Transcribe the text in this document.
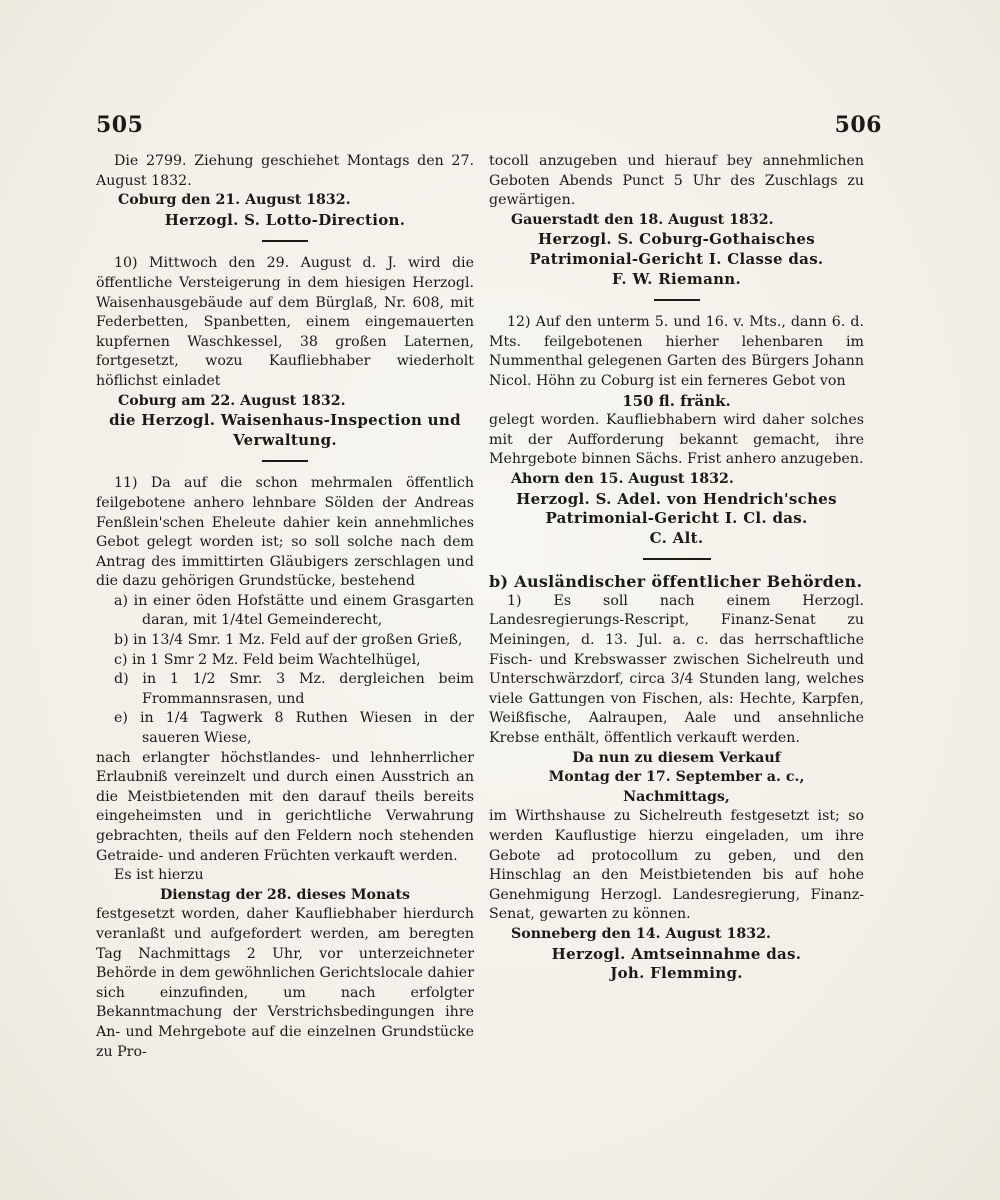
505	506

Die 2799. Ziehung geschiehet Montags den 27. August 1832.

Coburg den 21. August 1832.

Herzogl. S. Lotto-Direction.

10) Mittwoch den 29. August d. J. wird die öffentliche Versteigerung in dem hiesigen Herzogl. Waisenhausgebäude auf dem Bürglaß, Nr. 608, mit Federbetten, Spanbetten, einem eingemauerten kupfernen Waschkessel, 38 großen Laternen, fortgesetzt, wozu Kaufliebhaber wiederholt höflichst einladet

Coburg am 22. August 1832.

die Herzogl. Waisenhaus-Inspection und Verwaltung.

11) Da auf die schon mehrmalen öffentlich feilgebotene anhero lehnbare Sölden der Andreas Fenßlein'schen Eheleute dahier kein annehmliches Gebot gelegt worden ist; so soll solche nach dem Antrag des immittirten Gläubigers zerschlagen und die dazu gehörigen Grundstücke, bestehend

a) in einer öden Hofstätte und einem Grasgarten daran, mit 1/4tel Gemeinderecht,

b) in 13/4 Smr. 1 Mz. Feld auf der großen Grieß,

c) in 1 Smr 2 Mz. Feld beim Wachtelhügel,

d) in 1 1/2 Smr. 3 Mz. dergleichen beim Frommannsrasen, und

e) in 1/4 Tagwerk 8 Ruthen Wiesen in der saueren Wiese,

nach erlangter höchstlandes- und lehnherrlicher Erlaubniß vereinzelt und durch einen Ausstrich an die Meistbietenden mit den darauf theils bereits eingeheimsten und in gerichtliche Verwahrung gebrachten, theils auf den Feldern noch stehenden Getraide- und anderen Früchten verkauft werden.

Es ist hierzu

Dienstag der 28. dieses Monats

festgesetzt worden, daher Kaufliebhaber hierdurch veranlaßt und aufgefordert werden, am beregten Tag Nachmittags 2 Uhr, vor unterzeichneter Behörde in dem gewöhnlichen Gerichtslocale dahier sich einzufinden, um nach erfolgter Bekanntmachung der Verstrichsbedingungen ihre An- und Mehrgebote auf die einzelnen Grundstücke zu Pro-

tocoll anzugeben und hierauf bey annehmlichen Geboten Abends Punct 5 Uhr des Zuschlags zu gewärtigen.

Gauerstadt den 18. August 1832.

Herzogl. S. Coburg-Gothaisches Patrimonial-Gericht I. Classe das.

F. W. Riemann.

12) Auf den unterm 5. und 16. v. Mts., dann 6. d. Mts. feilgebotenen hierher lehenbaren im Nummenthal gelegenen Garten des Bürgers Johann Nicol. Höhn zu Coburg ist ein ferneres Gebot von

150 fl. fränk.

gelegt worden. Kaufliebhabern wird daher solches mit der Aufforderung bekannt gemacht, ihre Mehrgebote binnen Sächs. Frist anhero anzugeben.

Ahorn den 15. August 1832.

Herzogl. S. Adel. von Hendrich'sches Patrimonial-Gericht I. Cl. das.

C. Alt.

b) Ausländischer öffentlicher Behörden.

1) Es soll nach einem Herzogl. Landesregierungs-Rescript, Finanz-Senat zu Meiningen, d. 13. Jul. a. c. das herrschaftliche Fisch- und Krebswasser zwischen Sichelreuth und Unterschwärzdorf, circa 3/4 Stunden lang, welches viele Gattungen von Fischen, als: Hechte, Karpfen, Weißfische, Aalraupen, Aale und ansehnliche Krebse enthält, öffentlich verkauft werden.

Da nun zu diesem Verkauf

Montag der 17. September a. c.,

Nachmittags,

im Wirthshause zu Sichelreuth festgesetzt ist; so werden Kauflustige hierzu eingeladen, um ihre Gebote ad protocollum zu geben, und den Hinschlag an den Meistbietenden bis auf hohe Genehmigung Herzogl. Landesregierung, Finanz-Senat, gewarten zu können.

Sonneberg den 14. August 1832.

Herzogl. Amtseinnahme das.

Joh. Flemming.
